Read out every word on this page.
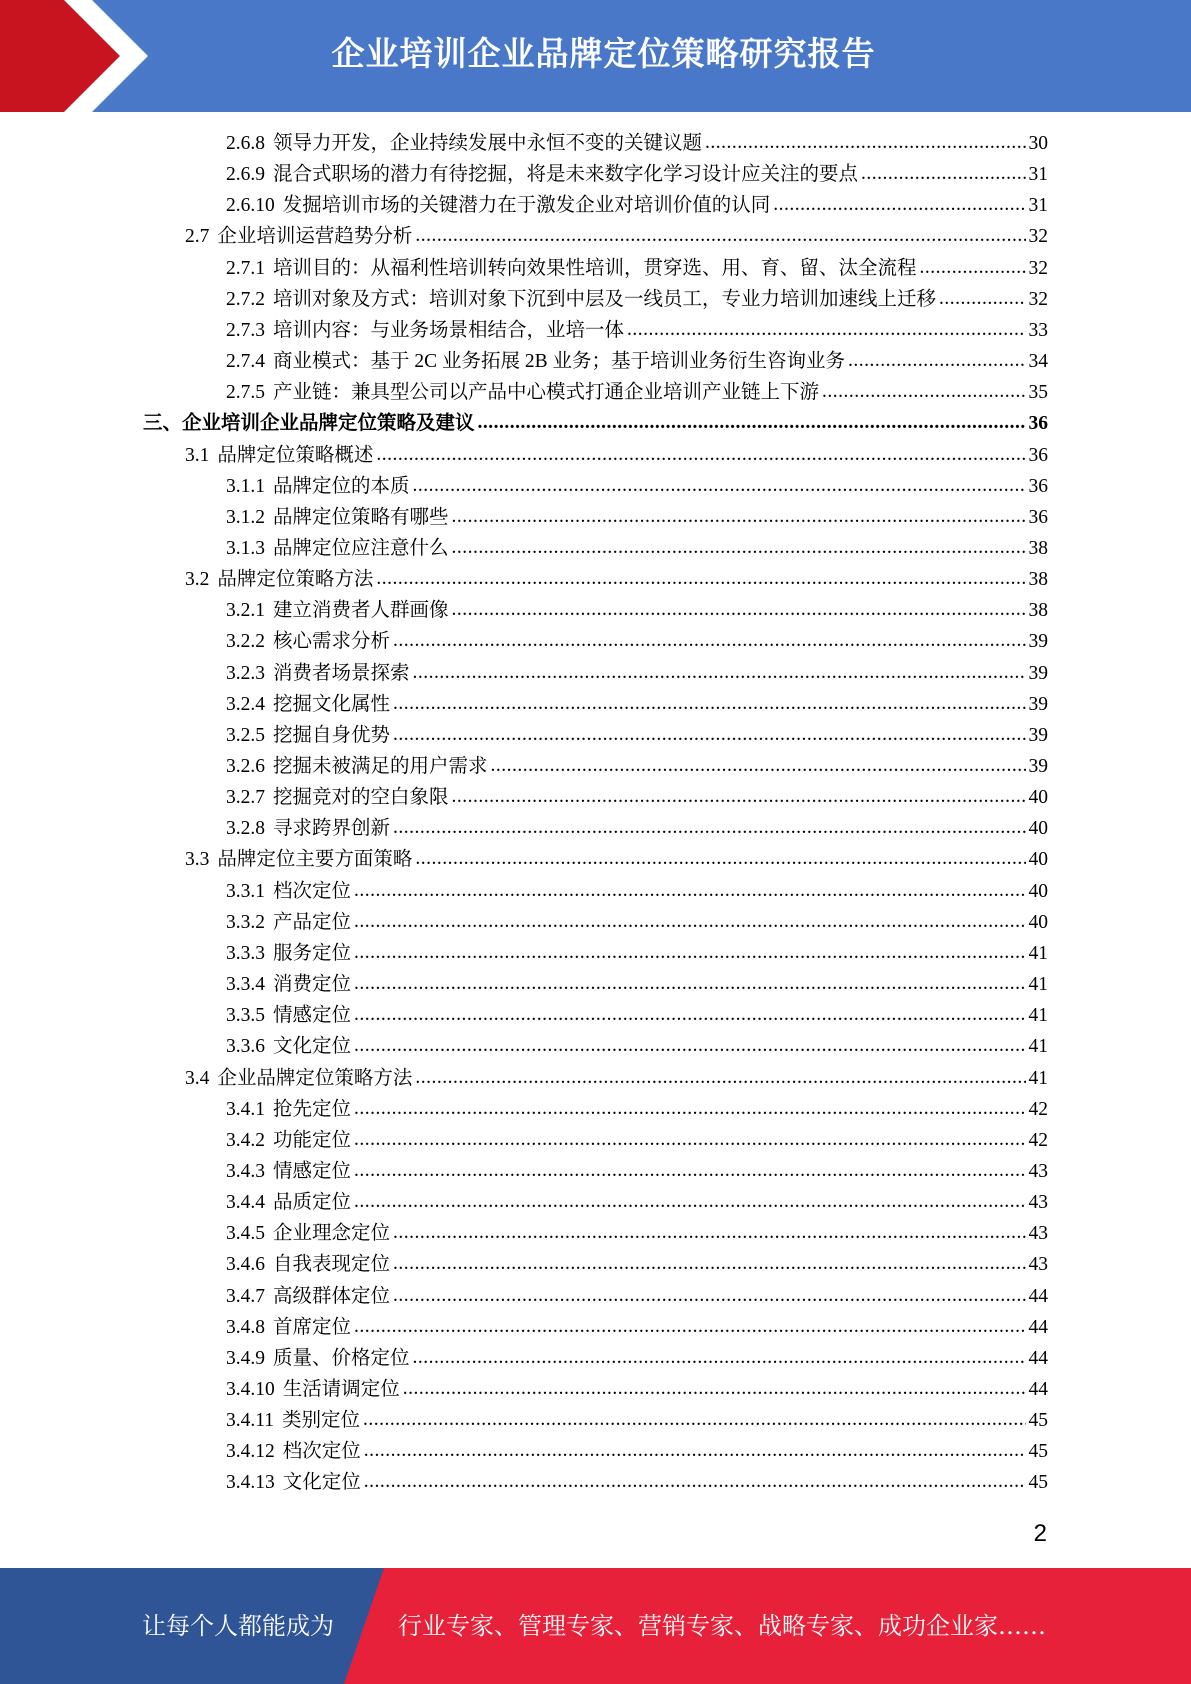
企业培训企业品牌定位策略研究报告
2.6.8 领导力开发，企业持续发展中永恒不变的关键议题 .....	30
2.6.9 混合式职场的潜力有待挖掘，将是未来数字化学习设计应关注的要点 .....	31
2.6.10 发掘培训市场的关键潜力在于激发企业对培训价值的认同 .....	31
2.7 企业培训运营趋势分析 .....	32
2.7.1 培训目的：从福利性培训转向效果性培训，贯穿选、用、育、留、汰全流程 .....	32
2.7.2 培训对象及方式：培训对象下沉到中层及一线员工，专业力培训加速线上迁移 .....	32
2.7.3 培训内容：与业务场景相结合，业培一体 .....	33
2.7.4 商业模式：基于 2C 业务拓展 2B 业务；基于培训业务衍生咨询业务 .....	34
2.7.5 产业链：兼具型公司以产品中心模式打通企业培训产业链上下游 .....	35
三、 企业培训企业品牌定位策略及建议 .....	36
3.1 品牌定位策略概述 .....	36
3.1.1 品牌定位的本质 .....	36
3.1.2 品牌定位策略有哪些 .....	36
3.1.3 品牌定位应注意什么 .....	38
3.2 品牌定位策略方法 .....	38
3.2.1 建立消费者人群画像 .....	38
3.2.2 核心需求分析 .....	39
3.2.3 消费者场景探索 .....	39
3.2.4 挖掘文化属性 .....	39
3.2.5 挖掘自身优势 .....	39
3.2.6 挖掘未被满足的用户需求 .....	39
3.2.7 挖掘竞对的空白象限 .....	40
3.2.8 寻求跨界创新 .....	40
3.3 品牌定位主要方面策略 .....	40
3.3.1 档次定位 .....	40
3.3.2 产品定位 .....	40
3.3.3 服务定位 .....	41
3.3.4 消费定位 .....	41
3.3.5 情感定位 .....	41
3.3.6 文化定位 .....	41
3.4 企业品牌定位策略方法 .....	41
3.4.1 抢先定位 .....	42
3.4.2 功能定位 .....	42
3.4.3 情感定位 .....	43
3.4.4 品质定位 .....	43
3.4.5 企业理念定位 .....	43
3.4.6 自我表现定位 .....	43
3.4.7 高级群体定位 .....	44
3.4.8 首席定位 .....	44
3.4.9 质量、价格定位 .....	44
3.4.10 生活请调定位 .....	44
3.4.11 类别定位 .....	45
3.4.12 档次定位 .....	45
3.4.13 文化定位 .....	45
2
让每个人都能成为	行业专家、管理专家、营销专家、战略专家、成功企业家……
